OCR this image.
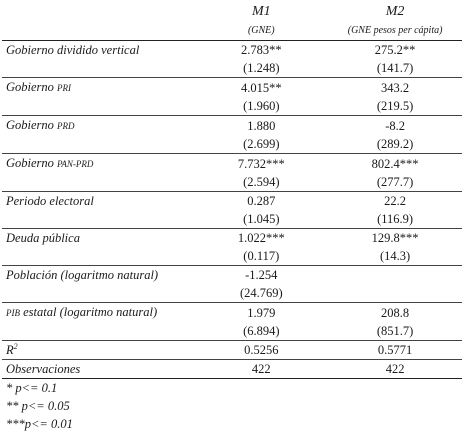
	M1	M2
	(GNE)	(GNE pesos per cápita)
Gobierno dividido vertical	2.783**	275.2**
	(1.248)	(141.7)
Gobierno PRI	4.015**	343.2
	(1.960)	(219.5)
Gobierno PRD	1.880	-8.2
	(2.699)	(289.2)
Gobierno PAN-PRD	7.732***	802.4***
	(2.594)	(277.7)
Periodo electoral	0.287	22.2
	(1.045)	(116.9)
Deuda pública	1.022***	129.8***
	(0.117)	(14.3)
Población (logaritmo natural)	-1.254	
	(24.769)	
PIB estatal (logaritmo natural)	1.979	208.8
	(6.894)	(851.7)
$R^2$	0.5256	0.5771
Observaciones	422	422
* p<= 0.1		
** p<= 0.05		
***p<= 0.01		
